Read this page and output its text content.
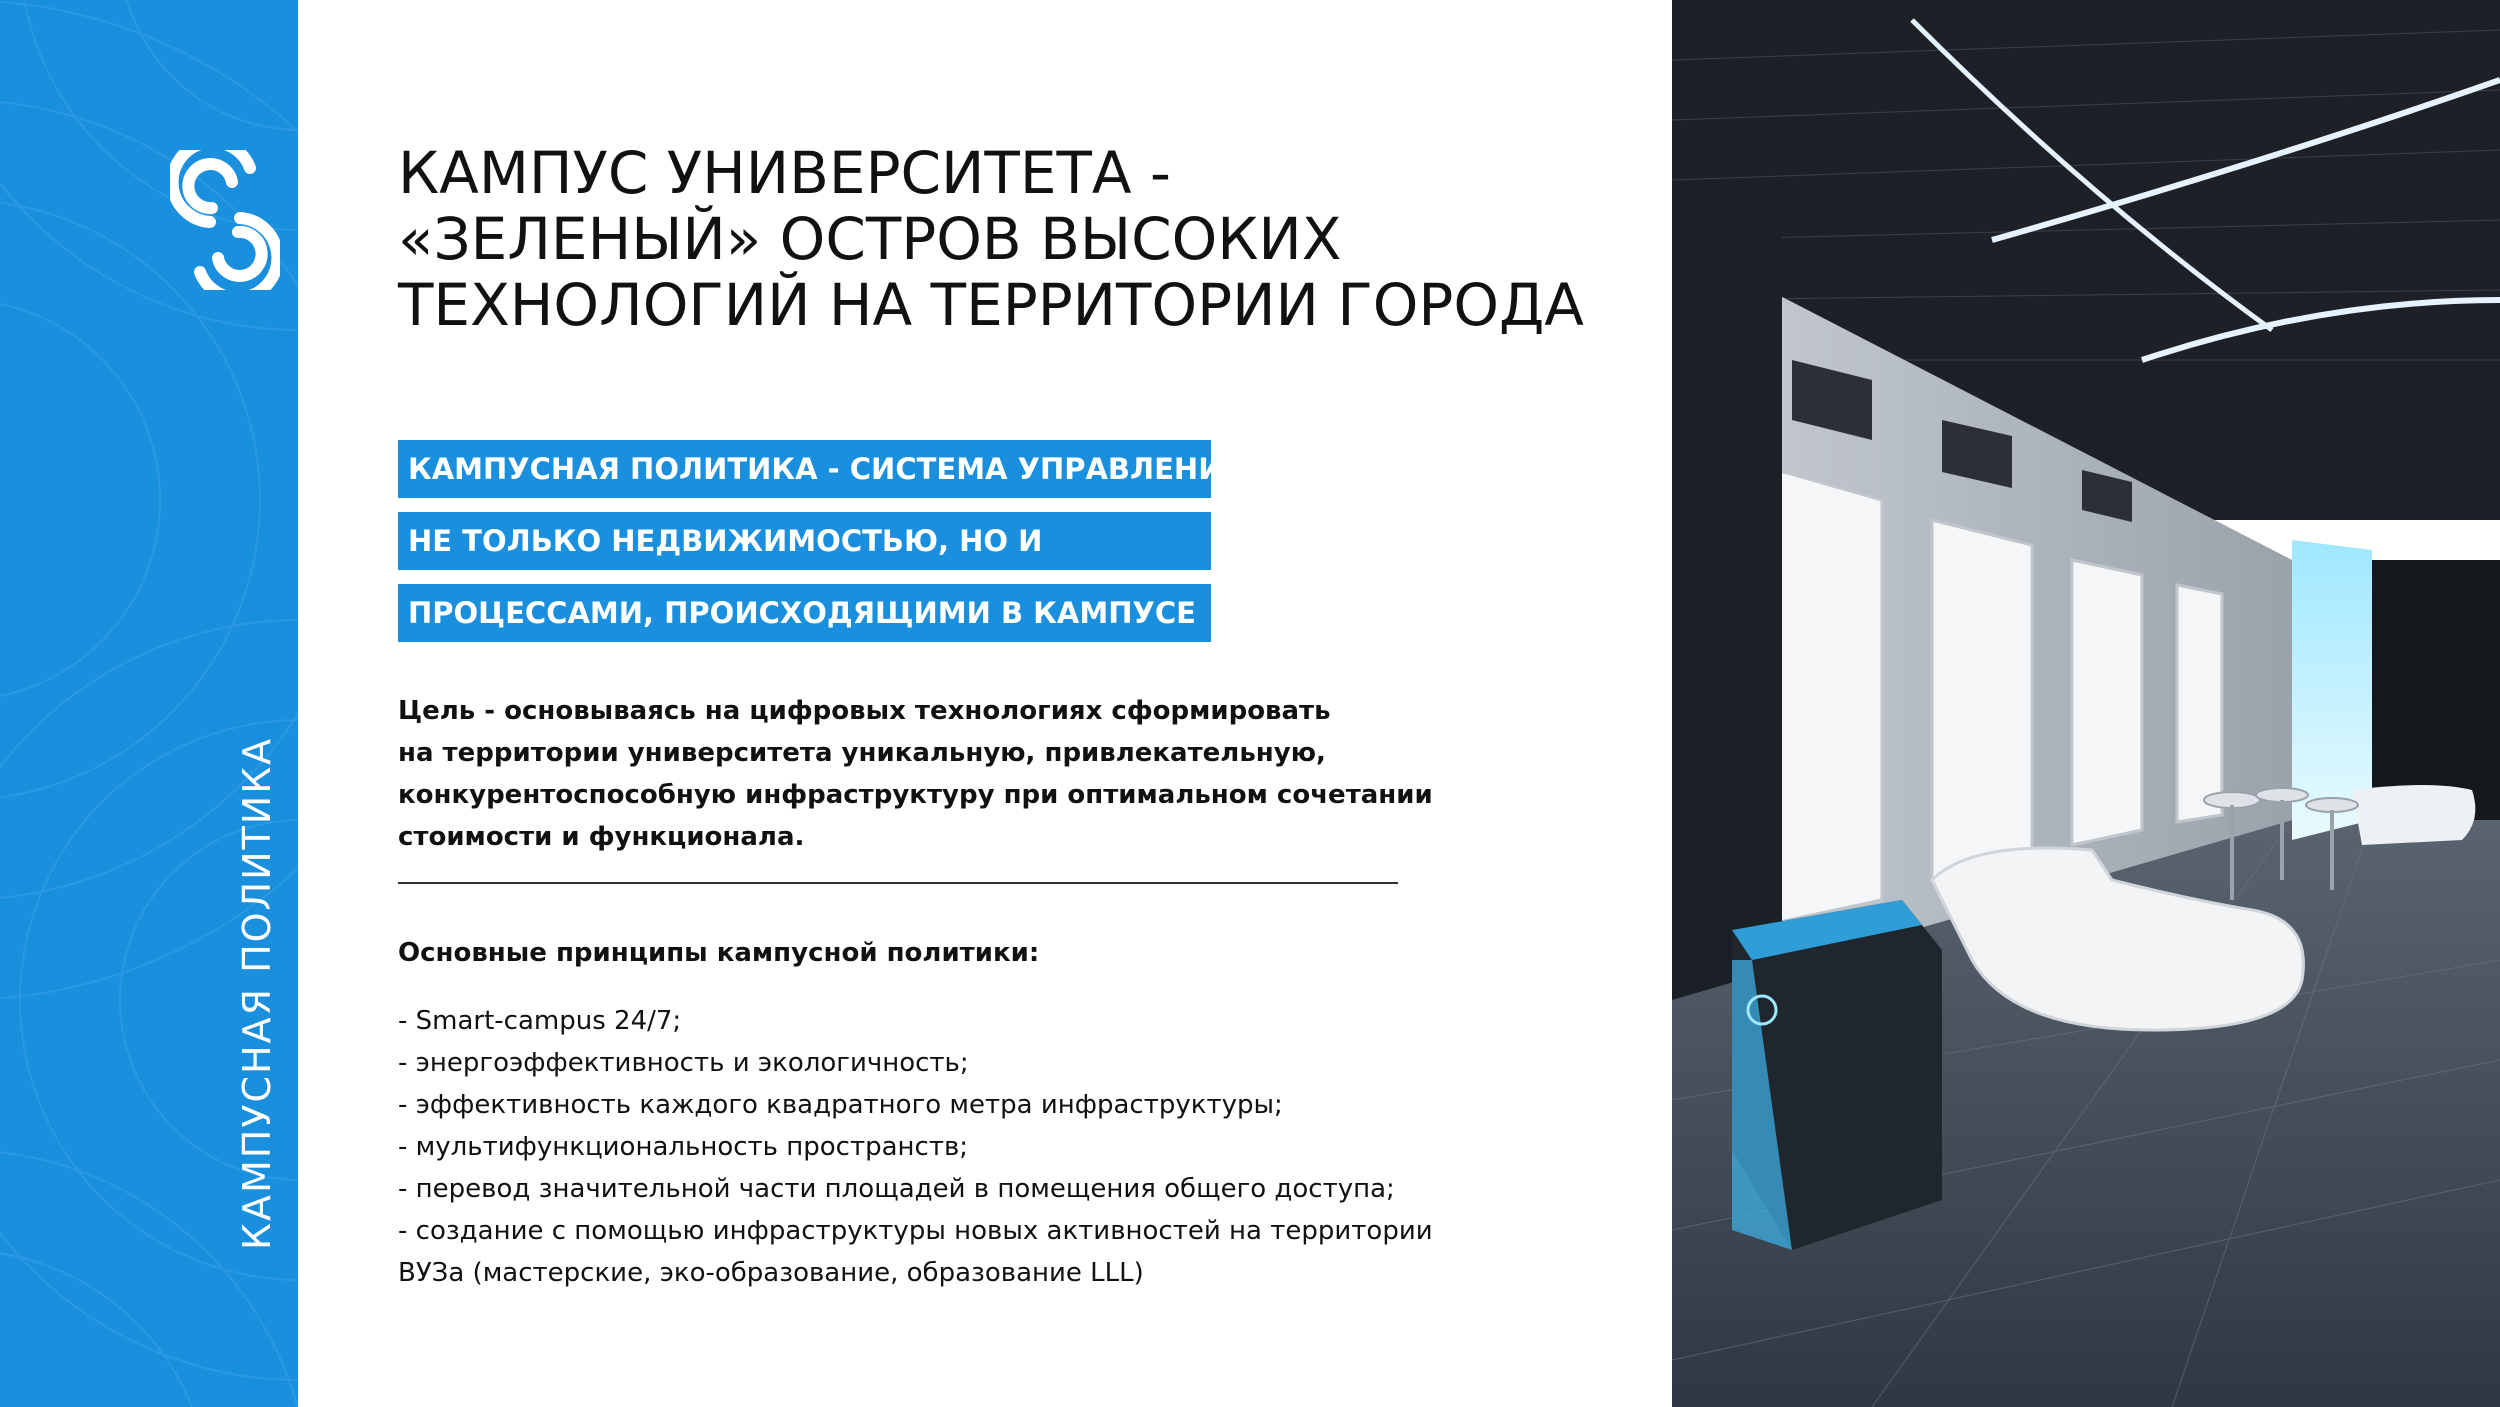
КАМПУСНАЯ ПОЛИТИКА
КАМПУС УНИВЕРСИТЕТА -
«ЗЕЛЕНЫЙ» ОСТРОВ ВЫСОКИХ
ТЕХНОЛОГИЙ НА ТЕРРИТОРИИ ГОРОДА
КАМПУСНАЯ ПОЛИТИКА - СИСТЕМА УПРАВЛЕНИЯ
НЕ ТОЛЬКО НЕДВИЖИМОСТЬЮ, НО И
ПРОЦЕССАМИ, ПРОИСХОДЯЩИМИ В КАМПУСЕ
Цель - основываясь на цифровых технологиях сформировать
на территории университета уникальную, привлекательную,
конкурентоспособную инфраструктуру при оптимальном сочетании
стоимости и функционала.
Основные принципы кампусной политики:
- Smart-campus 24/7;
- энергоэффективность и экологичность;
- эффективность каждого квадратного метра инфраструктуры;
- мультифункциональность пространств;
- перевод значительной части площадей в помещения общего доступа;
- создание с помощью инфраструктуры новых активностей на территории
ВУЗа (мастерские, эко-образование, образование LLL)
